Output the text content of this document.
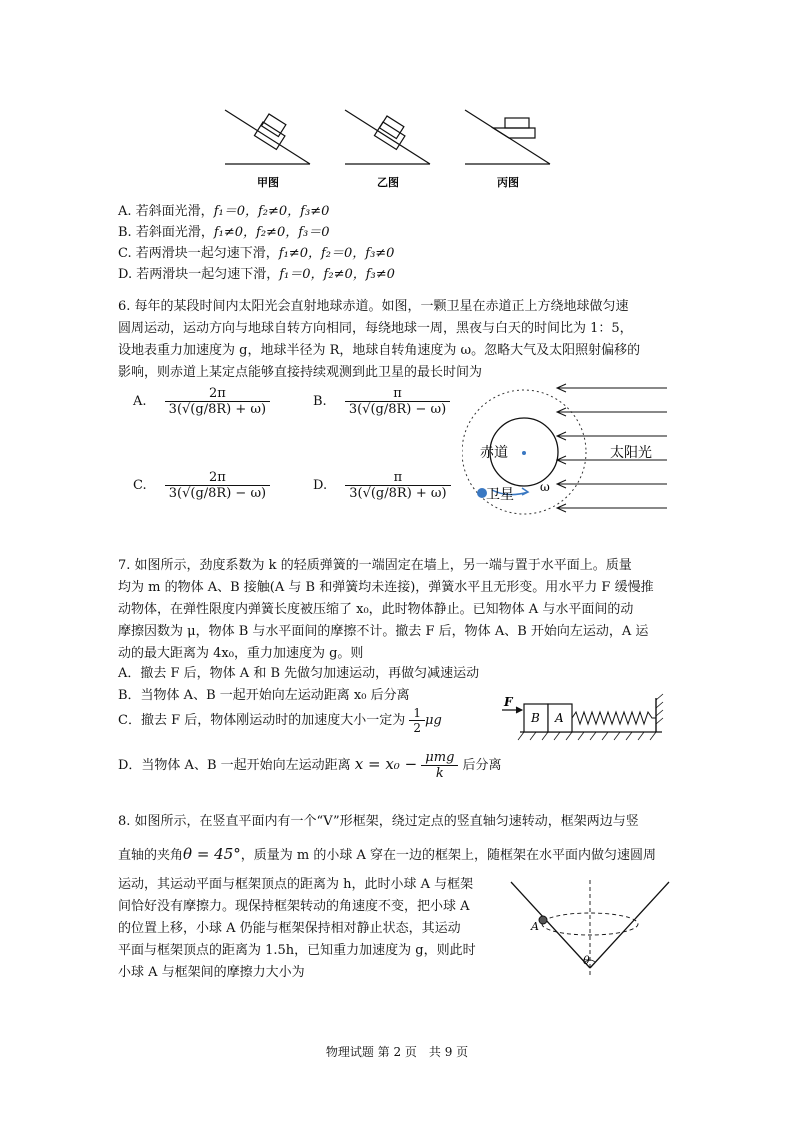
甲图	乙图	丙图
A. 若斜面光滑，f₁＝0，f₂≠0，f₃≠0
B. 若斜面光滑，f₁≠0，f₂≠0，f₃＝0
C. 若两滑块一起匀速下滑，f₁≠0，f₂＝0，f₃≠0
D. 若两滑块一起匀速下滑，f₁＝0，f₂≠0，f₃≠0
6. 每年的某段时间内太阳光会直射地球赤道。如图，一颗卫星在赤道正上方绕地球做匀速
圆周运动，运动方向与地球自转方向相同，每绕地球一周，黑夜与白天的时间比为 1：5，
设地表重力加速度为 g，地球半径为 R，地球自转角速度为 ω。忽略大气及太阳照射偏移的
影响，则赤道上某定点能够直接持续观测到此卫星的最长时间为
A. $\frac{2\pi}{3(√(g/8R) + \omega)}$	B. $\frac{\pi}{3(√(g/8R) - \omega)}$
C. $\frac{2\pi}{3(√(g/8R) - \omega)}$	D. $\frac{\pi}{3(√(g/8R) + \omega)}$
赤道	太阳光
卫星 ω
7. 如图所示，劲度系数为 k 的轻质弹簧的一端固定在墙上，另一端与置于水平面上。质量
均为 m 的物体 A、B 接触(A 与 B 和弹簧均未连接)，弹簧水平且无形变。用水平力 F 缓慢推
动物体，在弹性限度内弹簧长度被压缩了 x₀，此时物体静止。已知物体 A 与水平面间的动
摩擦因数为 μ，物体 B 与水平面间的摩擦不计。撤去 F 后，物体 A、B 开始向左运动，A 运
动的最大距离为 4x₀，重力加速度为 g。则
A．撤去 F 后，物体 A 和 B 先做匀加速运动，再做匀减速运动
B．当物体 A、B 一起开始向左运动距离 x₀ 后分离
C．撤去 F 后，物体刚运动时的加速度大小一定为 $\frac{1}{2}$ μg
D．当物体 A、B 一起开始向左运动距离 $x = x_0 - \frac{\text{μmg}}{k}$ 后分离
F
B A
8. 如图所示，在竖直平面内有一个“V”形框架，绕过定点的竖直轴匀速转动，框架两边与竖
直轴的夹角θ = 45°，质量为 m 的小球 A 穿在一边的框架上，随框架在水平面内做匀速圆周
运动，其运动平面与框架顶点的距离为 h，此时小球 A 与框架
间恰好没有摩擦力。现保持框架转动的角速度不变，把小球 A
的位置上移，小球 A 仍能与框架保持相对静止状态，其运动
平面与框架顶点的距离为 1.5h，已知重力加速度为 g，则此时
小球 A 与框架间的摩擦力大小为
A
θ
物理试题 第 2 页　共 9 页
